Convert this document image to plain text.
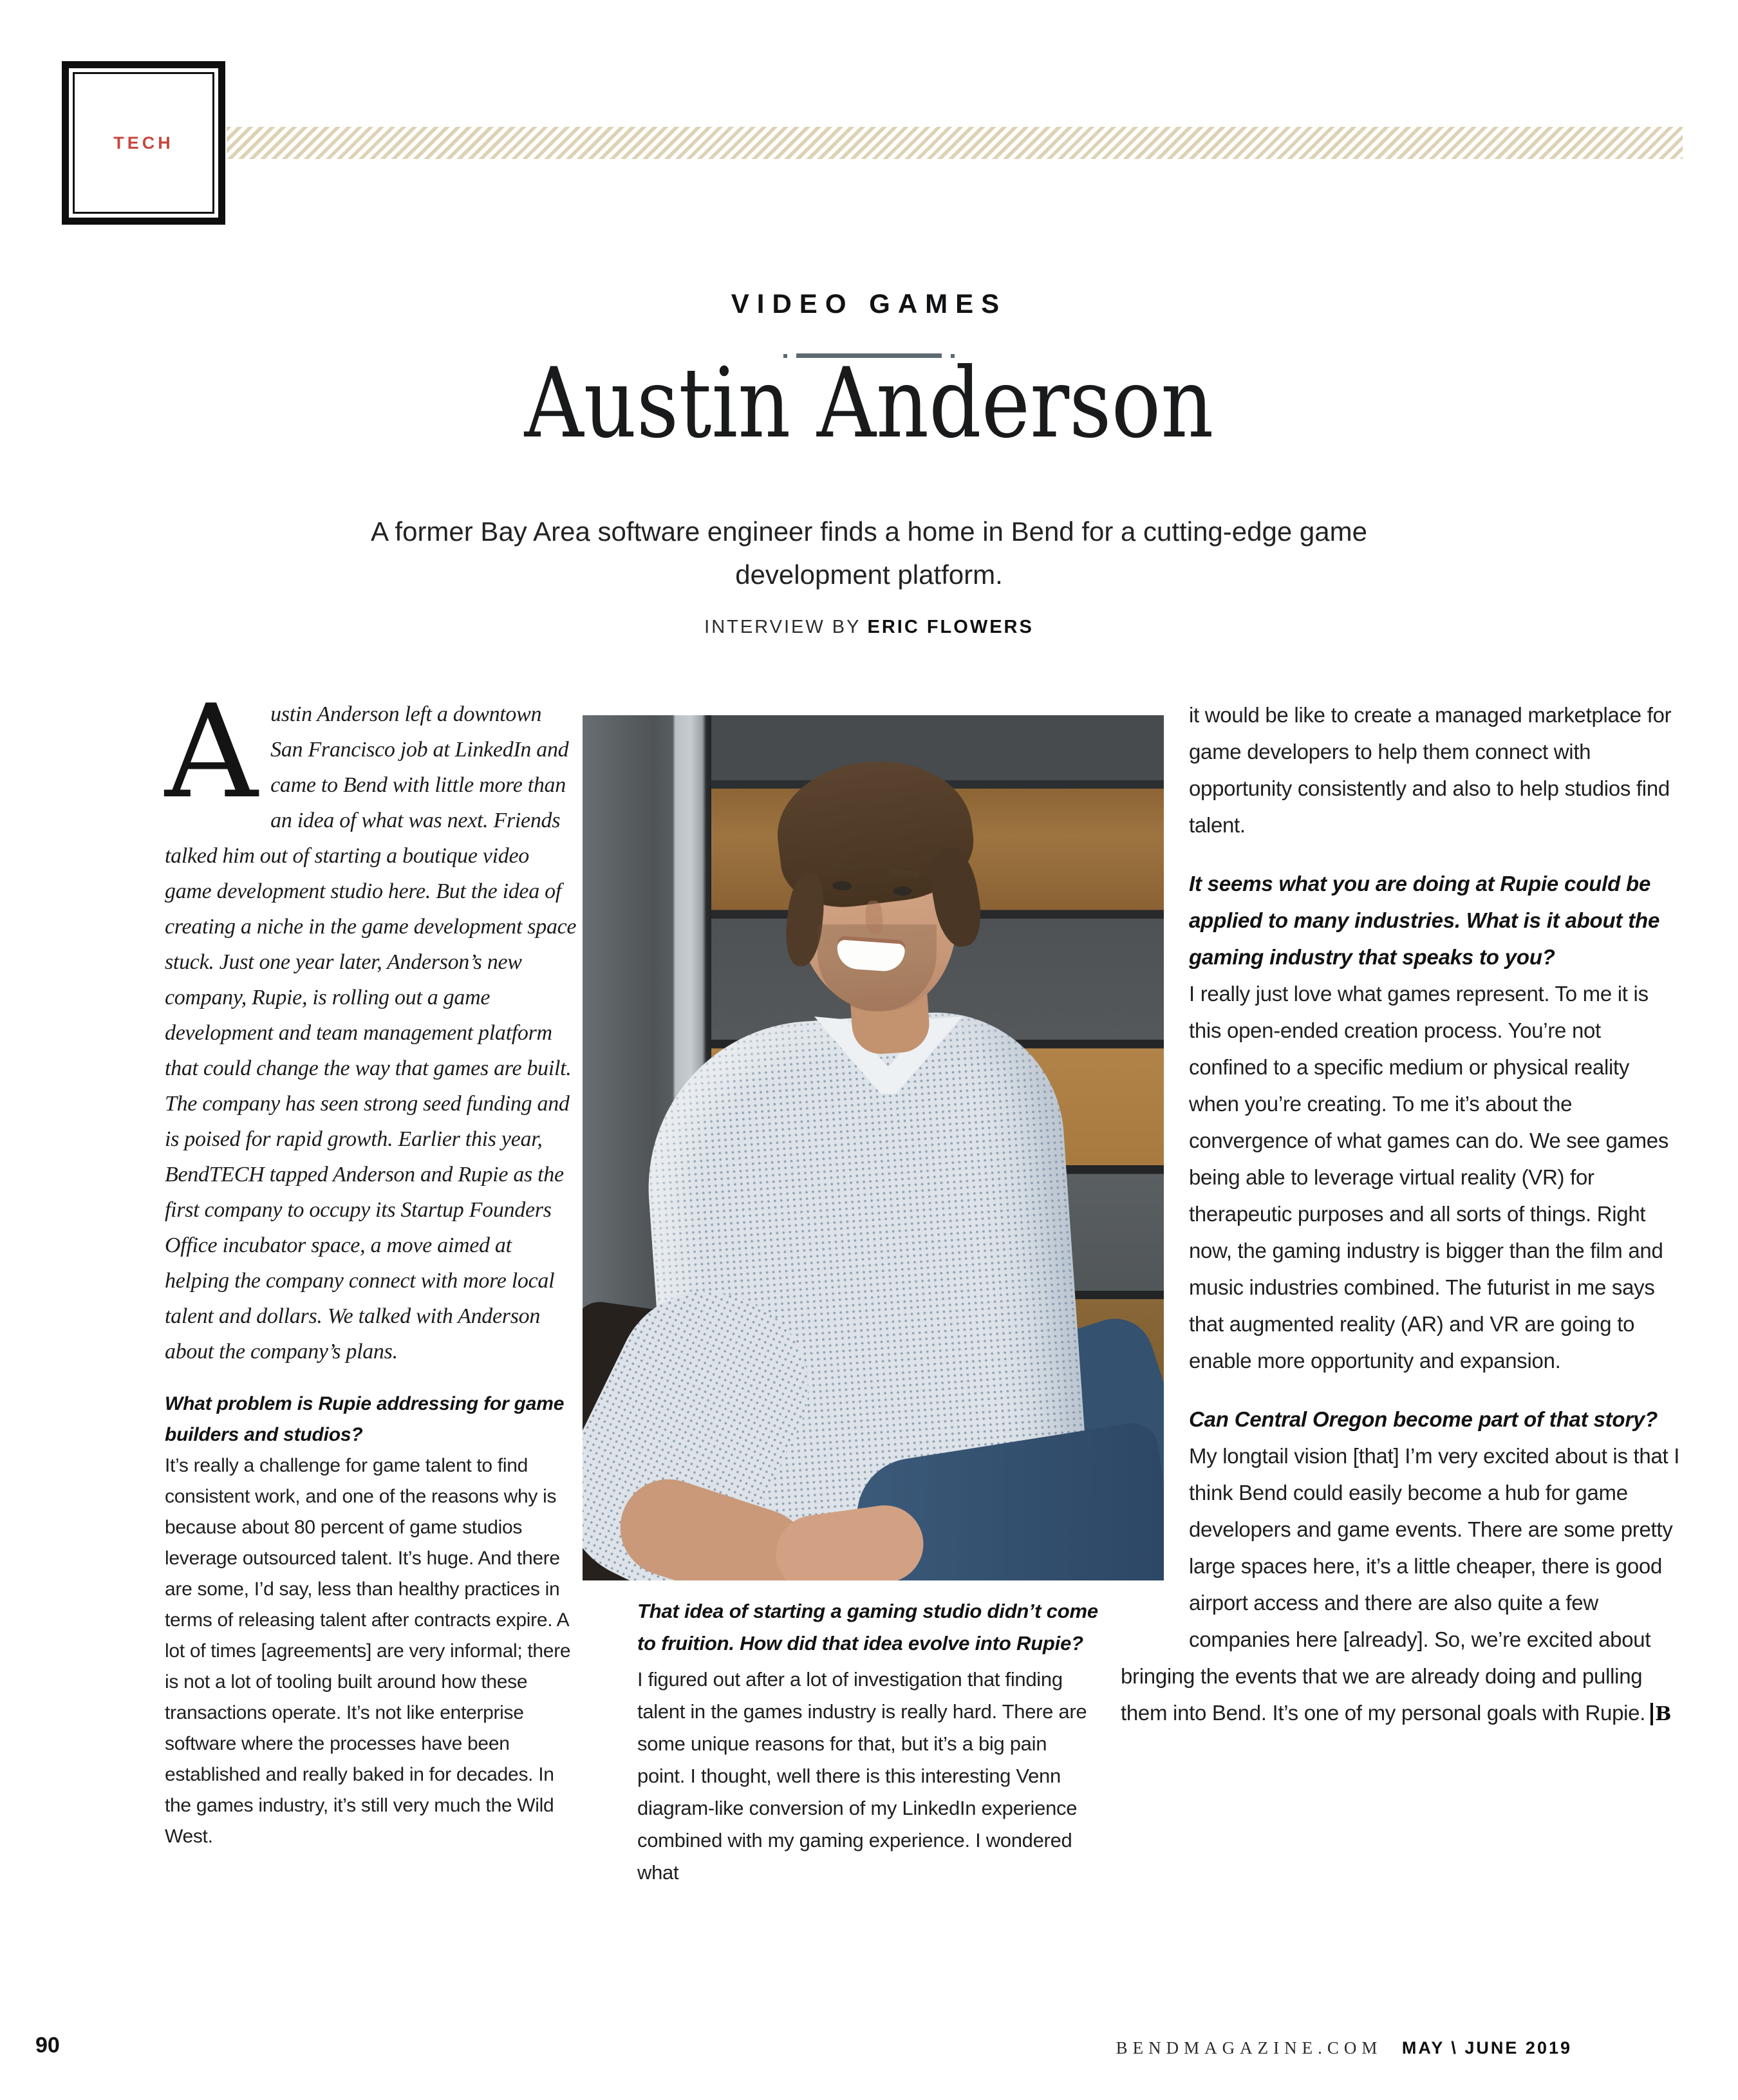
TECH
VIDEO GAMES
Austin Anderson

A former Bay Area software engineer finds a home in Bend for a cutting-edge game development platform.

INTERVIEW BY ERIC FLOWERS

Austin Anderson left a downtown San Francisco job at LinkedIn and came to Bend with little more than an idea of what was next. Friends talked him out of starting a boutique video game development studio here. But the idea of creating a niche in the game development space stuck. Just one year later, Anderson’s new company, Rupie, is rolling out a game development and team management platform that could change the way that games are built. The company has seen strong seed funding and is poised for rapid growth. Earlier this year, BendTECH tapped Anderson and Rupie as the first company to occupy its Startup Founders Office incubator space, a move aimed at helping the company connect with more local talent and dollars. We talked with Anderson about the company’s plans.

What problem is Rupie addressing for game builders and studios?

It’s really a challenge for game talent to find consistent work, and one of the reasons why is because about 80 percent of game studios leverage outsourced talent. It’s huge. And there are some, I’d say, less than healthy practices in terms of releasing talent after contracts expire. A lot of times [agreements] are very informal; there is not a lot of tooling built around how these transactions operate. It’s not like enterprise software where the processes have been established and really baked in for decades. In the games industry, it’s still very much the Wild West.

That idea of starting a gaming studio didn’t come to fruition. How did that idea evolve into Rupie?

I figured out after a lot of investigation that finding talent in the games industry is really hard. There are some unique reasons for that, but it’s a big pain point. I thought, well there is this interesting Venn diagram-like conversion of my LinkedIn experience combined with my gaming experience. I wondered what

it would be like to create a managed marketplace for game developers to help them connect with opportunity consistently and also to help studios find talent.

It seems what you are doing at Rupie could be applied to many industries. What is it about the gaming industry that speaks to you?

I really just love what games represent. To me it is this open-ended creation process. You’re not confined to a specific medium or physical reality when you’re creating. To me it’s about the convergence of what games can do. We see games being able to leverage virtual reality (VR) for therapeutic purposes and all sorts of things. Right now, the gaming industry is bigger than the film and music industries combined. The futurist in me says that augmented reality (AR) and VR are going to enable more opportunity and expansion.

Can Central Oregon become part of that story?

My longtail vision [that] I’m very excited about is that I think Bend could easily become a hub for game developers and game events. There are some pretty large spaces here, it’s a little cheaper, there is good airport access and there are also quite a few companies here [already]. So, we’re excited about bringing the events that we are already doing and pulling them into Bend. It’s one of my personal goals with Rupie. B

90	BENDMAGAZINE.COM MAY \ JUNE 2019
